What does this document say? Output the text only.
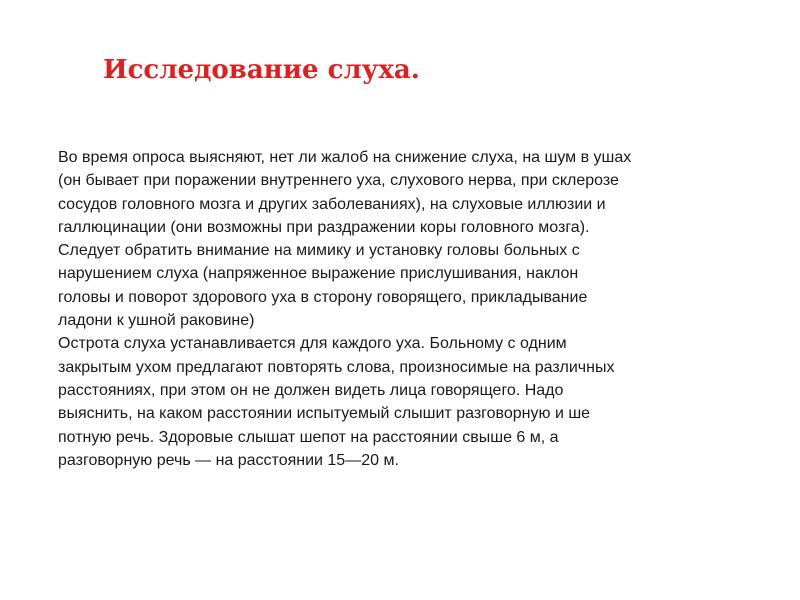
Исследование слуха.
Во время опроса выясняют, нет ли жалоб на снижение слуха, на шум в ушах
(он бывает при поражении внутреннего уха, слухового нерва, при склерозе
сосудов головного мозга и других заболеваниях), на слуховые иллюзии и
галлюцинации (они возможны при раздражении коры головного мозга).
Следует обратить внимание на мимику и установку головы больных с
нарушением слуха (напряженное выражение прислушивания, наклон
головы и поворот здорового уха в сторону говорящего, прикладывание
ладони к ушной раковине)
Острота слуха устанавливается для каждого уха. Больному с одним
закрытым ухом предлагают повторять слова, произносимые на различных
расстояниях, при этом он не должен видеть лица говорящего. Надо
выяснить, на каком расстоянии испытуемый слышит разговорную и ше
потную речь. Здоровые слышат шепот на расстоянии свыше 6 м, а
разговорную речь — на расстоянии 15—20 м.
